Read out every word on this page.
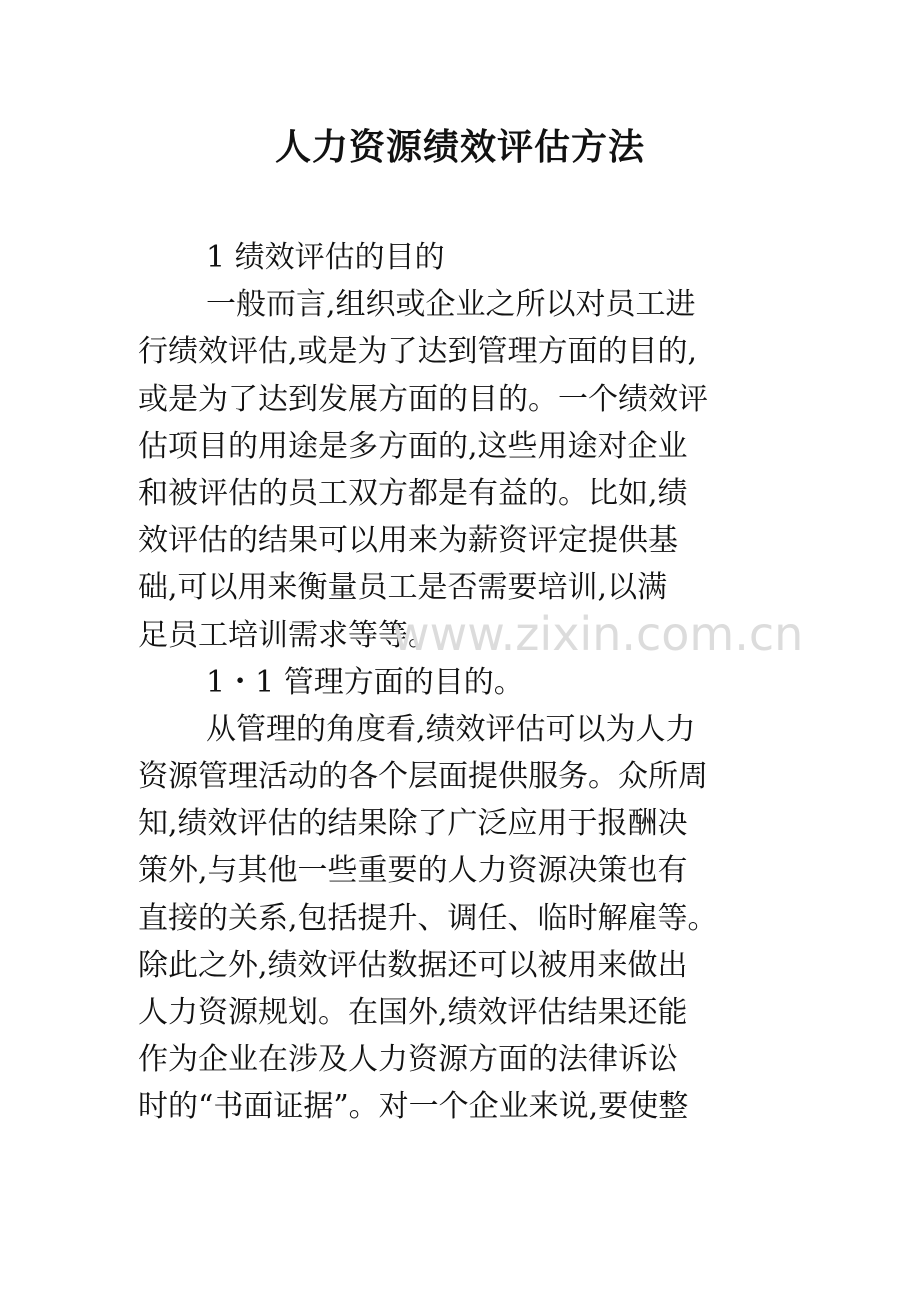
人力资源绩效评估方法
1 绩效评估的目的
一般而言,组织或企业之所以对员工进
行绩效评估,或是为了达到管理方面的目的,
或是为了达到发展方面的目的。一个绩效评
估项目的用途是多方面的,这些用途对企业
和被评估的员工双方都是有益的。比如,绩
效评估的结果可以用来为薪资评定提供基
础,可以用来衡量员工是否需要培训,以满
足员工培训需求等等。
1・1 管理方面的目的。
从管理的角度看,绩效评估可以为人力
资源管理活动的各个层面提供服务。众所周
知,绩效评估的结果除了广泛应用于报酬决
策外,与其他一些重要的人力资源决策也有
直接的关系,包括提升、调任、临时解雇等。
除此之外,绩效评估数据还可以被用来做出
人力资源规划。在国外,绩效评估结果还能
作为企业在涉及人力资源方面的法律诉讼
时的“书面证据”。对一个企业来说,要使整
www.zixin.com.cn
